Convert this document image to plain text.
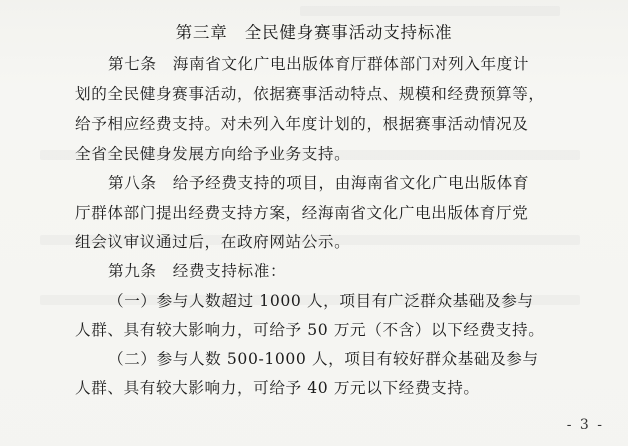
第三章　全民健身赛事活动支持标准
第七条　海南省文化广电出版体育厅群体部门对列入年度计
划的全民健身赛事活动，依据赛事活动特点、规模和经费预算等，
给予相应经费支持。对未列入年度计划的，根据赛事活动情况及
全省全民健身发展方向给予业务支持。
第八条　给予经费支持的项目，由海南省文化广电出版体育
厅群体部门提出经费支持方案，经海南省文化广电出版体育厅党
组会议审议通过后，在政府网站公示。
第九条　经费支持标准：
（一）参与人数超过 1000 人，项目有广泛群众基础及参与
人群、具有较大影响力，可给予 50 万元（不含）以下经费支持。
（二）参与人数 500-1000 人，项目有较好群众基础及参与
人群、具有较大影响力，可给予 40 万元以下经费支持。
- 3 -
